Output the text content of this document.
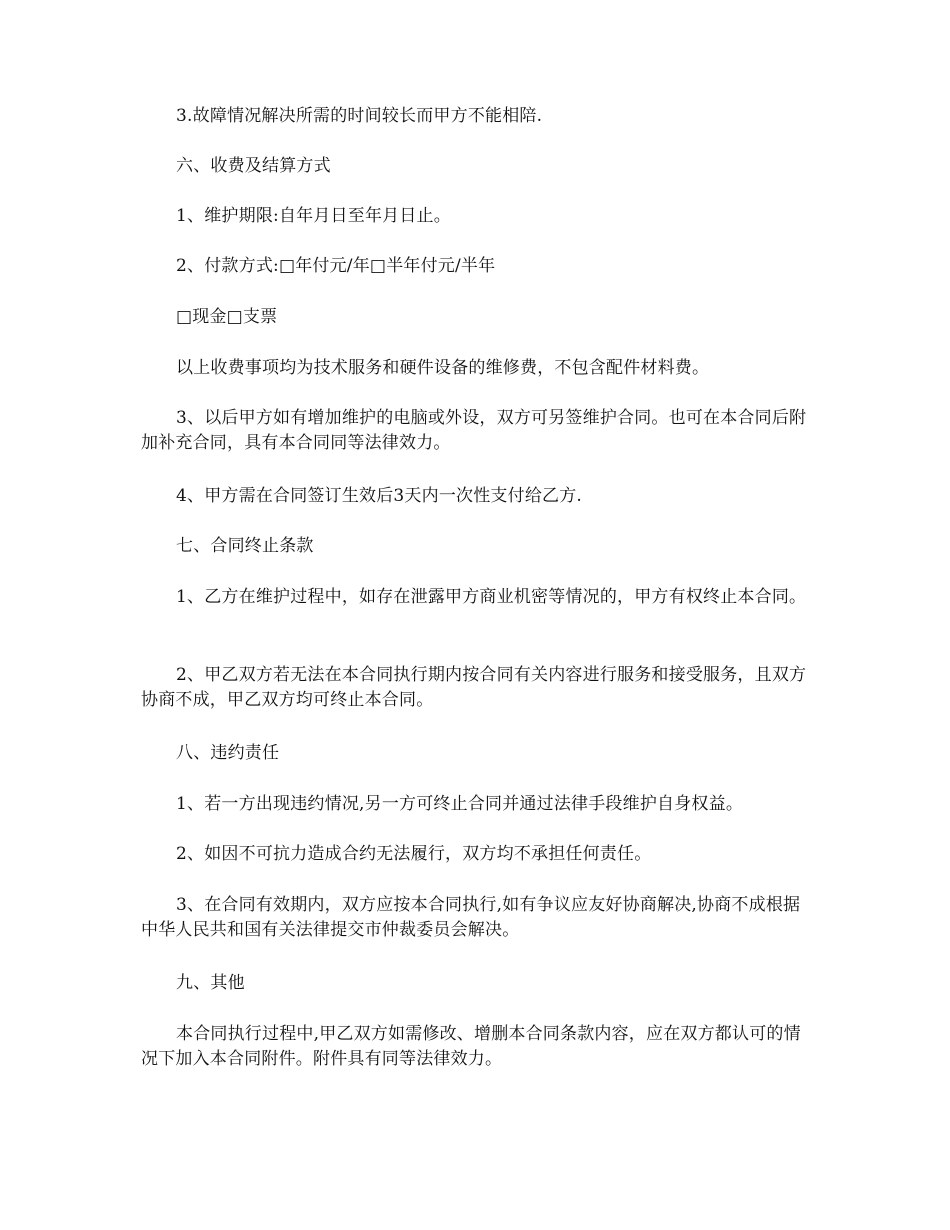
3.故障情况解决所需的时间较长而甲方不能相陪.

六、收费及结算方式

1、维护期限:自年月日至年月日止。

2、付款方式:□年付元/年□半年付元/半年

□现金□支票

以上收费事项均为技术服务和硬件设备的维修费，不包含配件材料费。

3、以后甲方如有增加维护的电脑或外设，双方可另签维护合同。也可在本合同后附加补充合同，具有本合同同等法律效力。

4、甲方需在合同签订生效后3天内一次性支付给乙方.

七、合同终止条款

1、乙方在维护过程中，如存在泄露甲方商业机密等情况的，甲方有权终止本合同。

2、甲乙双方若无法在本合同执行期内按合同有关内容进行服务和接受服务，且双方协商不成，甲乙双方均可终止本合同。

八、违约责任

1、若一方出现违约情况,另一方可终止合同并通过法律手段维护自身权益。

2、如因不可抗力造成合约无法履行，双方均不承担任何责任。

3、在合同有效期内，双方应按本合同执行,如有争议应友好协商解决,协商不成根据中华人民共和国有关法律提交市仲裁委员会解决。

九、其他

本合同执行过程中,甲乙双方如需修改、增删本合同条款内容，应在双方都认可的情况下加入本合同附件。附件具有同等法律效力。
